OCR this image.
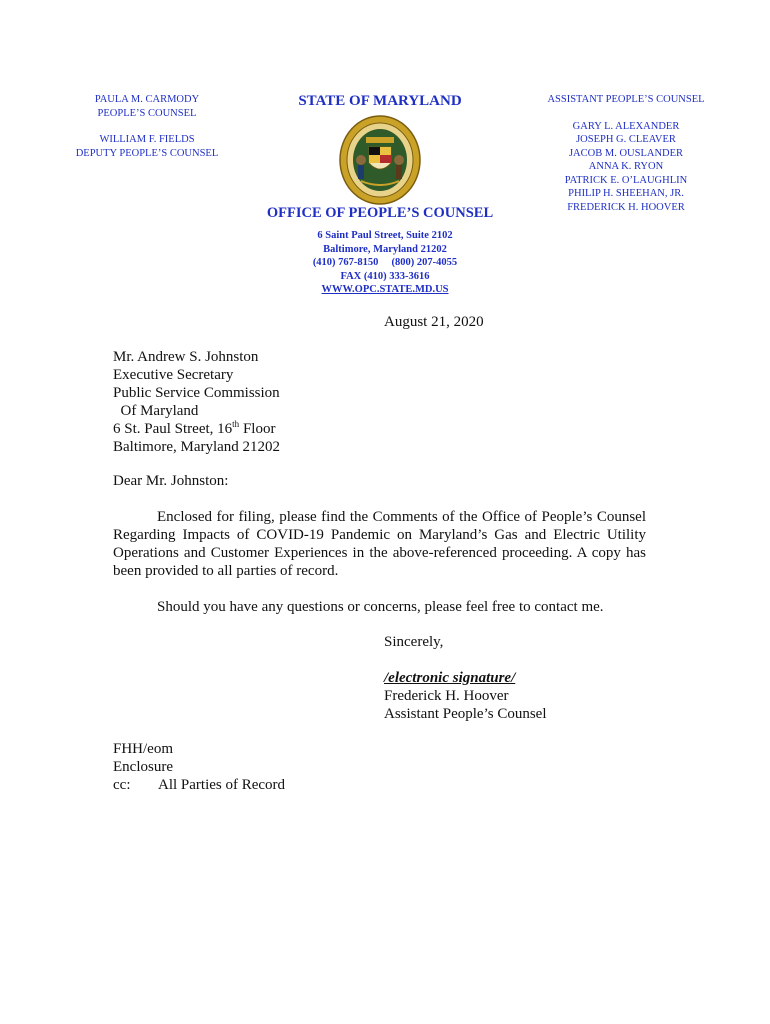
PAULA M. CARMODY
PEOPLE’S COUNSEL
WILLIAM F. FIELDS
DEPUTY PEOPLE’S COUNSEL
STATE OF MARYLAND
OFFICE OF PEOPLE’S COUNSEL
6 Saint Paul Street, Suite 2102
Baltimore, Maryland 21202
(410) 767-8150     (800) 207-4055
FAX (410) 333-3616
WWW.OPC.STATE.MD.US
ASSISTANT PEOPLE’S COUNSEL
GARY L. ALEXANDER
JOSEPH G. CLEAVER
JACOB M. OUSLANDER
ANNA K. RYON
PATRICK E. O’LAUGHLIN
PHILIP H. SHEEHAN, JR.
FREDERICK H. HOOVER
August 21, 2020
Mr. Andrew S. Johnston
Executive Secretary
Public Service Commission
Of Maryland
6 St. Paul Street, 16th Floor
Baltimore, Maryland 21202
Dear Mr. Johnston:
Enclosed for filing, please find the Comments of the Office of People’s Counsel Regarding Impacts of COVID-19 Pandemic on Maryland’s Gas and Electric Utility Operations and Customer Experiences in the above-referenced proceeding. A copy has been provided to all parties of record.
Should you have any questions or concerns, please feel free to contact me.
Sincerely,
/electronic signature/
Frederick H. Hoover
Assistant People’s Counsel
FHH/eom
Enclosure
cc: All Parties of Record
